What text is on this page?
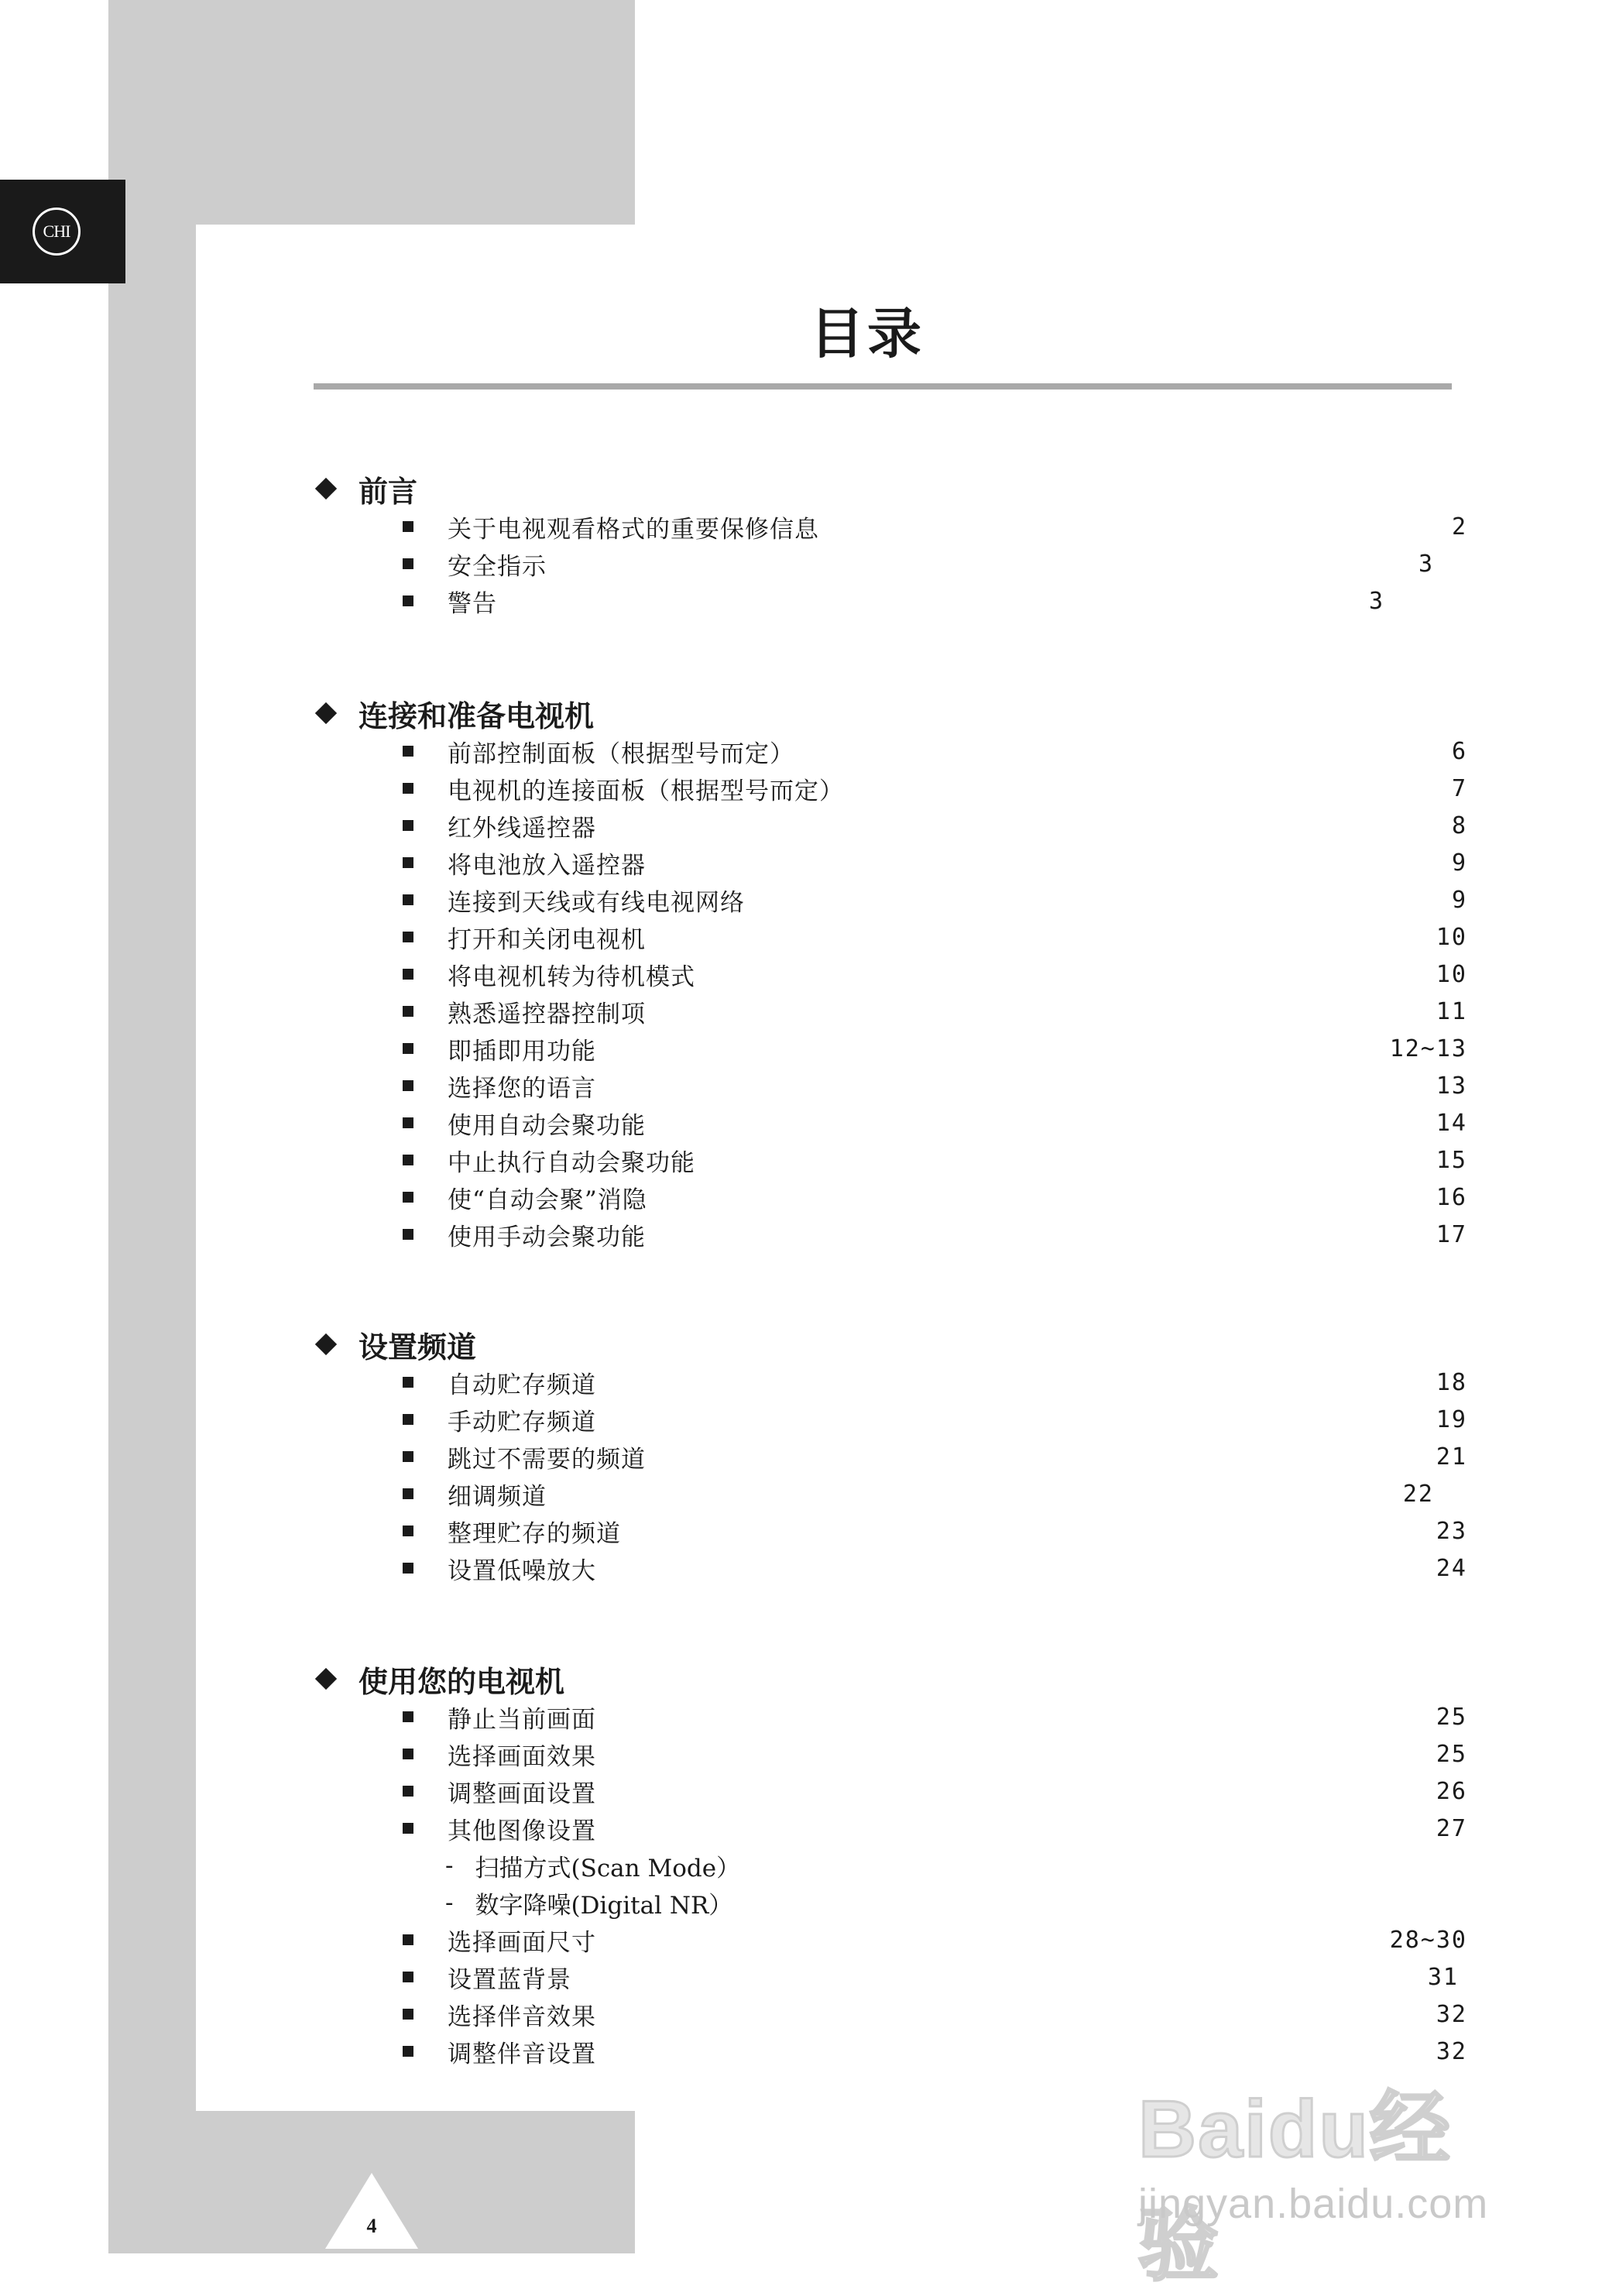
CHI
目录
前言
关于电视观看格式的重要保修信息	2
安全指示	3
警告	3
连接和准备电视机
前部控制面板（根据型号而定）	6
电视机的连接面板（根据型号而定）	7
红外线遥控器	8
将电池放入遥控器	9
连接到天线或有线电视网络	9
打开和关闭电视机	10
将电视机转为待机模式	10
熟悉遥控器控制项	11
即插即用功能	12~13
选择您的语言	13
使用自动会聚功能	14
中止执行自动会聚功能	15
使“自动会聚”消隐	16
使用手动会聚功能	17
设置频道
自动贮存频道	18
手动贮存频道	19
跳过不需要的频道	21
细调频道	22
整理贮存的频道	23
设置低噪放大	24
使用您的电视机
静止当前画面	25
选择画面效果	25
调整画面设置	26
其他图像设置	27
- 扫描方式(Scan Mode）
- 数字降噪(Digital NR）
选择画面尺寸	28~30
设置蓝背景	31
选择伴音效果	32
调整伴音设置	32
4
Baidu经验
jingyan.baidu.com
